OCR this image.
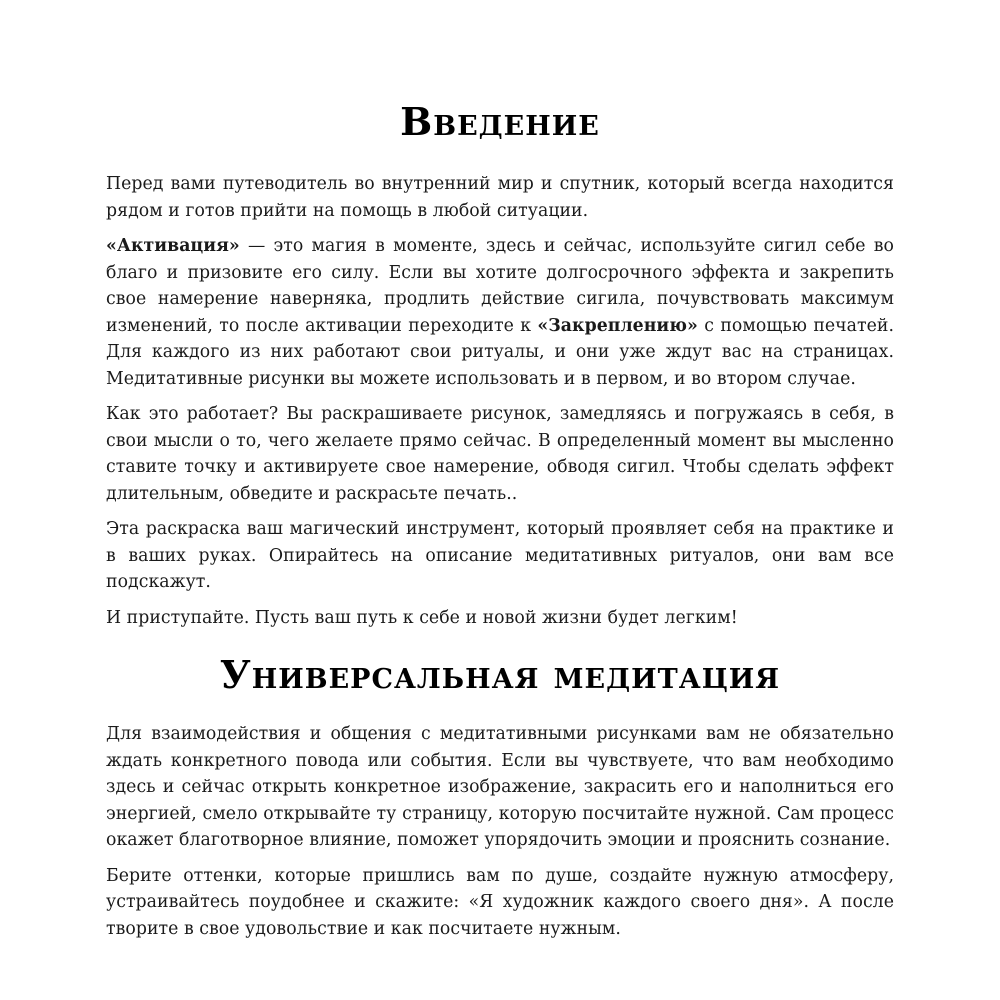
Введение

Перед вами путеводитель во внутренний мир и спутник, который всегда находится рядом и готов прийти на помощь в любой ситуации.

«Активация» — это магия в моменте, здесь и сейчас, используйте сигил себе во благо и призовите его силу. Если вы хотите долгосрочного эффекта и закрепить свое намерение наверняка, продлить действие сигила, почувствовать максимум изменений, то после активации переходите к «Закреплению» с помощью печатей. Для каждого из них работают свои ритуалы, и они уже ждут вас на страницах. Медитативные рисунки вы можете использовать и в первом, и во втором случае.

Как это работает? Вы раскрашиваете рисунок, замедляясь и погружаясь в себя, в свои мысли о то, чего желаете прямо сейчас. В определенный момент вы мысленно ставите точку и активируете свое намерение, обводя сигил. Чтобы сделать эффект длительным, обведите и раскрасьте печать..

Эта раскраска ваш магический инструмент, который проявляет себя на практике и в ваших руках. Опирайтесь на описание медитативных ритуалов, они вам все подскажут.

И приступайте. Пусть ваш путь к себе и новой жизни будет легким!

Универсальная медитация

Для взаимодействия и общения с медитативными рисунками вам не обязательно ждать конкретного повода или события. Если вы чувствуете, что вам необходимо здесь и сейчас открыть конкретное изображение, закрасить его и наполниться его энергией, смело открывайте ту страницу, которую посчитайте нужной. Сам процесс окажет благотворное влияние, поможет упорядочить эмоции и прояснить сознание.

Берите оттенки, которые пришлись вам по душе, создайте нужную атмосферу, устраивайтесь поудобнее и скажите: «Я художник каждого своего дня». А после творите в свое удовольствие и как посчитаете нужным.
